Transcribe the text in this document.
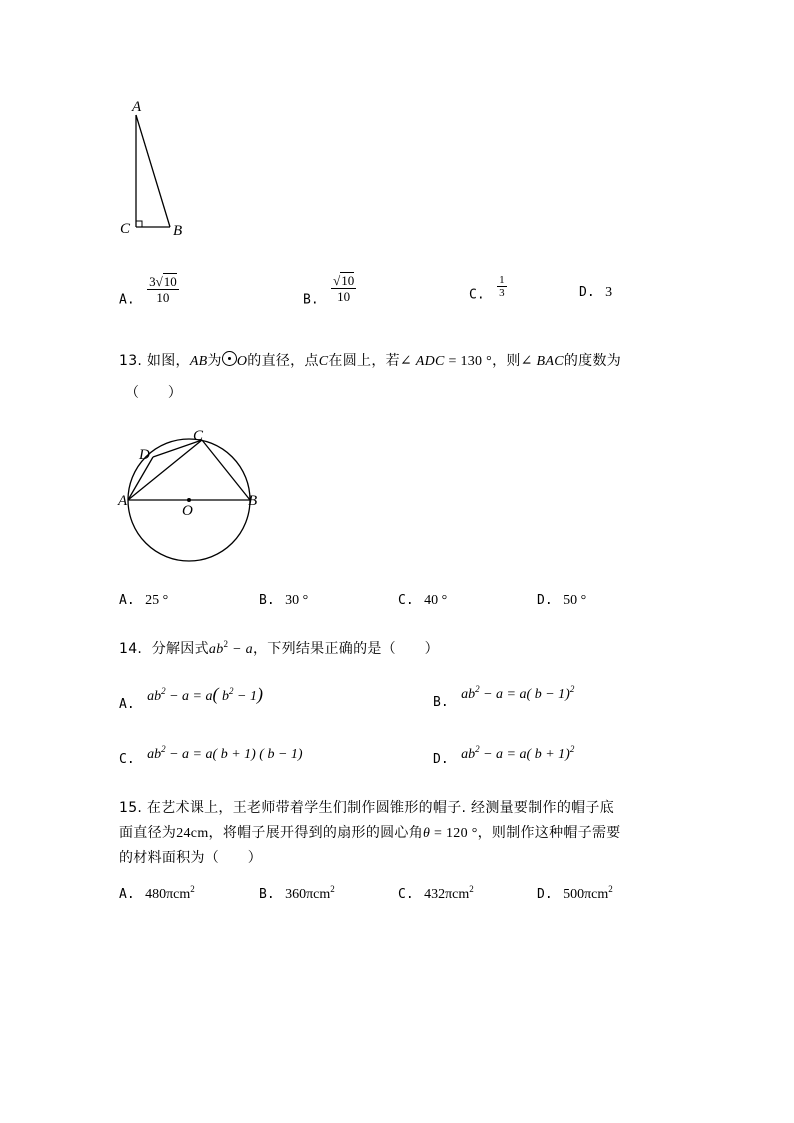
A
C	B
A. $\frac{3√10}{10}$	B. $\frac{√10}{10}$	C. $\frac{1}{3}$	D. 3
13. 如图，AB为 O的直径，点C在圆上，若∠ ADC = 130 °，则∠ BAC的度数为
（　　）
C
D
A	B
O
A. 25 °	B. 30 °	C. 40 °	D. 50 °
14. 分解因式$ab^2 - a$，下列结果正确的是（　　）
A. $ab^2 - a = a$( $b^2 - 1$)	B. $ab^2 - a = a$( b − 1)$^2$
C. $ab^2 - a = a$( b + 1) ( b − 1)	D. $ab^2 - a = a$( b + 1)$^2$
15. 在艺术课上，王老师带着学生们制作圆锥形的帽子. 经测量要制作的帽子底
面直径为24cm，将帽子展开得到的扇形的圆心角θ = 120 °，则制作这种帽子需要
的材料面积为（　　）
A. 480πcm$^2$	B. 360πcm$^2$	C. 432πcm$^2$	D. 500πcm$^2$
